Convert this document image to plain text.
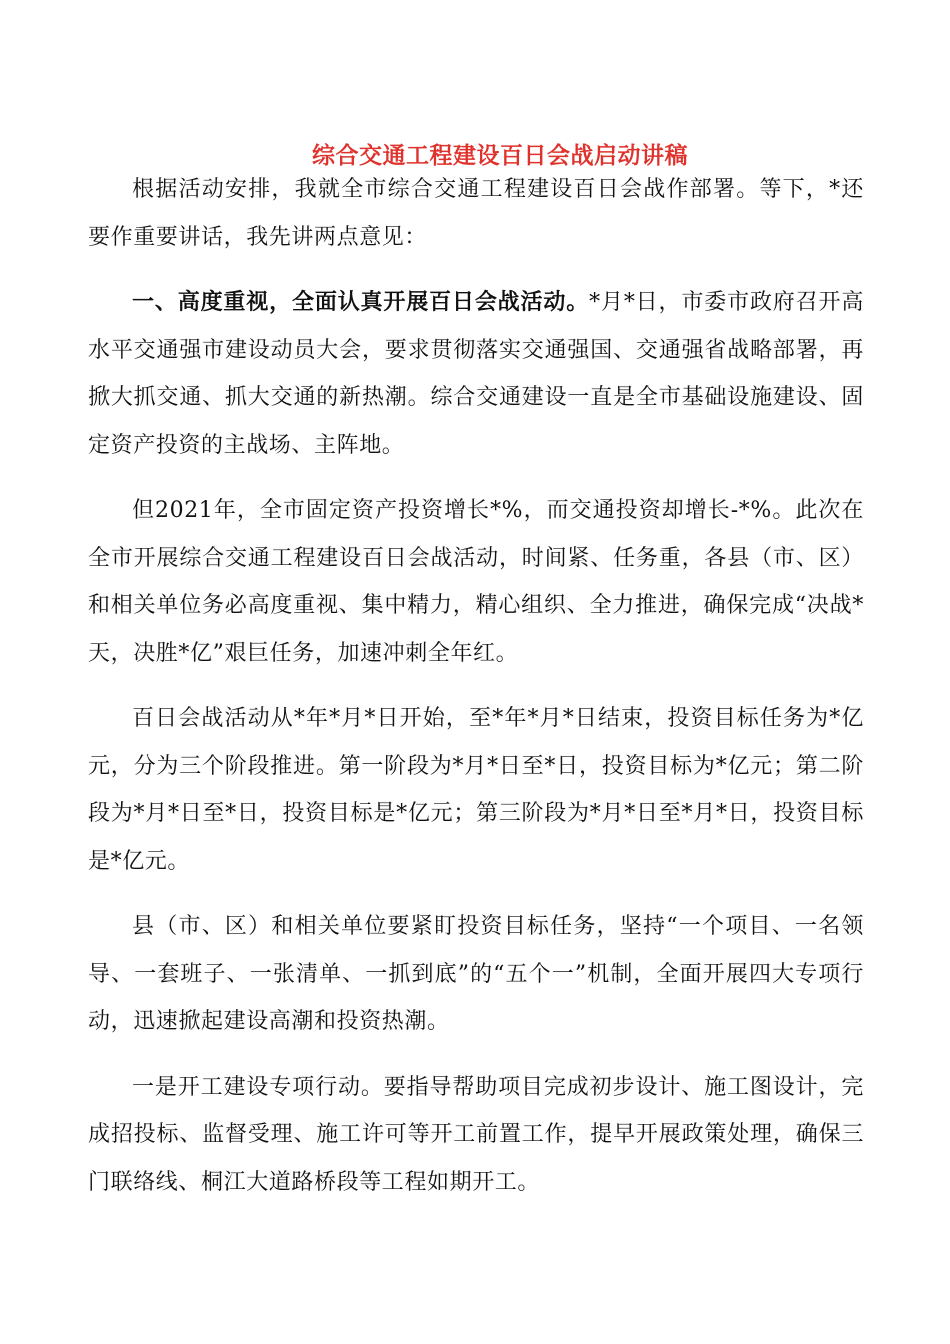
综合交通工程建设百日会战启动讲稿

根据活动安排，我就全市综合交通工程建设百日会战作部署。等下，*还要作重要讲话，我先讲两点意见：

一、高度重视，全面认真开展百日会战活动。*月*日，市委市政府召开高水平交通强市建设动员大会，要求贯彻落实交通强国、交通强省战略部署，再掀大抓交通、抓大交通的新热潮。综合交通建设一直是全市基础设施建设、固定资产投资的主战场、主阵地。

但2021年，全市固定资产投资增长*%，而交通投资却增长-*%。此次在全市开展综合交通工程建设百日会战活动，时间紧、任务重，各县（市、区）和相关单位务必高度重视、集中精力，精心组织、全力推进，确保完成“决战*天，决胜*亿”艰巨任务，加速冲刺全年红。

百日会战活动从*年*月*日开始，至*年*月*日结束，投资目标任务为*亿元，分为三个阶段推进。第一阶段为*月*日至*日，投资目标为*亿元；第二阶段为*月*日至*日，投资目标是*亿元；第三阶段为*月*日至*月*日，投资目标是*亿元。

县（市、区）和相关单位要紧盯投资目标任务，坚持“一个项目、一名领导、一套班子、一张清单、一抓到底”的“五个一”机制，全面开展四大专项行动，迅速掀起建设高潮和投资热潮。

一是开工建设专项行动。要指导帮助项目完成初步设计、施工图设计，完成招投标、监督受理、施工许可等开工前置工作，提早开展政策处理，确保三门联络线、桐江大道路桥段等工程如期开工。
